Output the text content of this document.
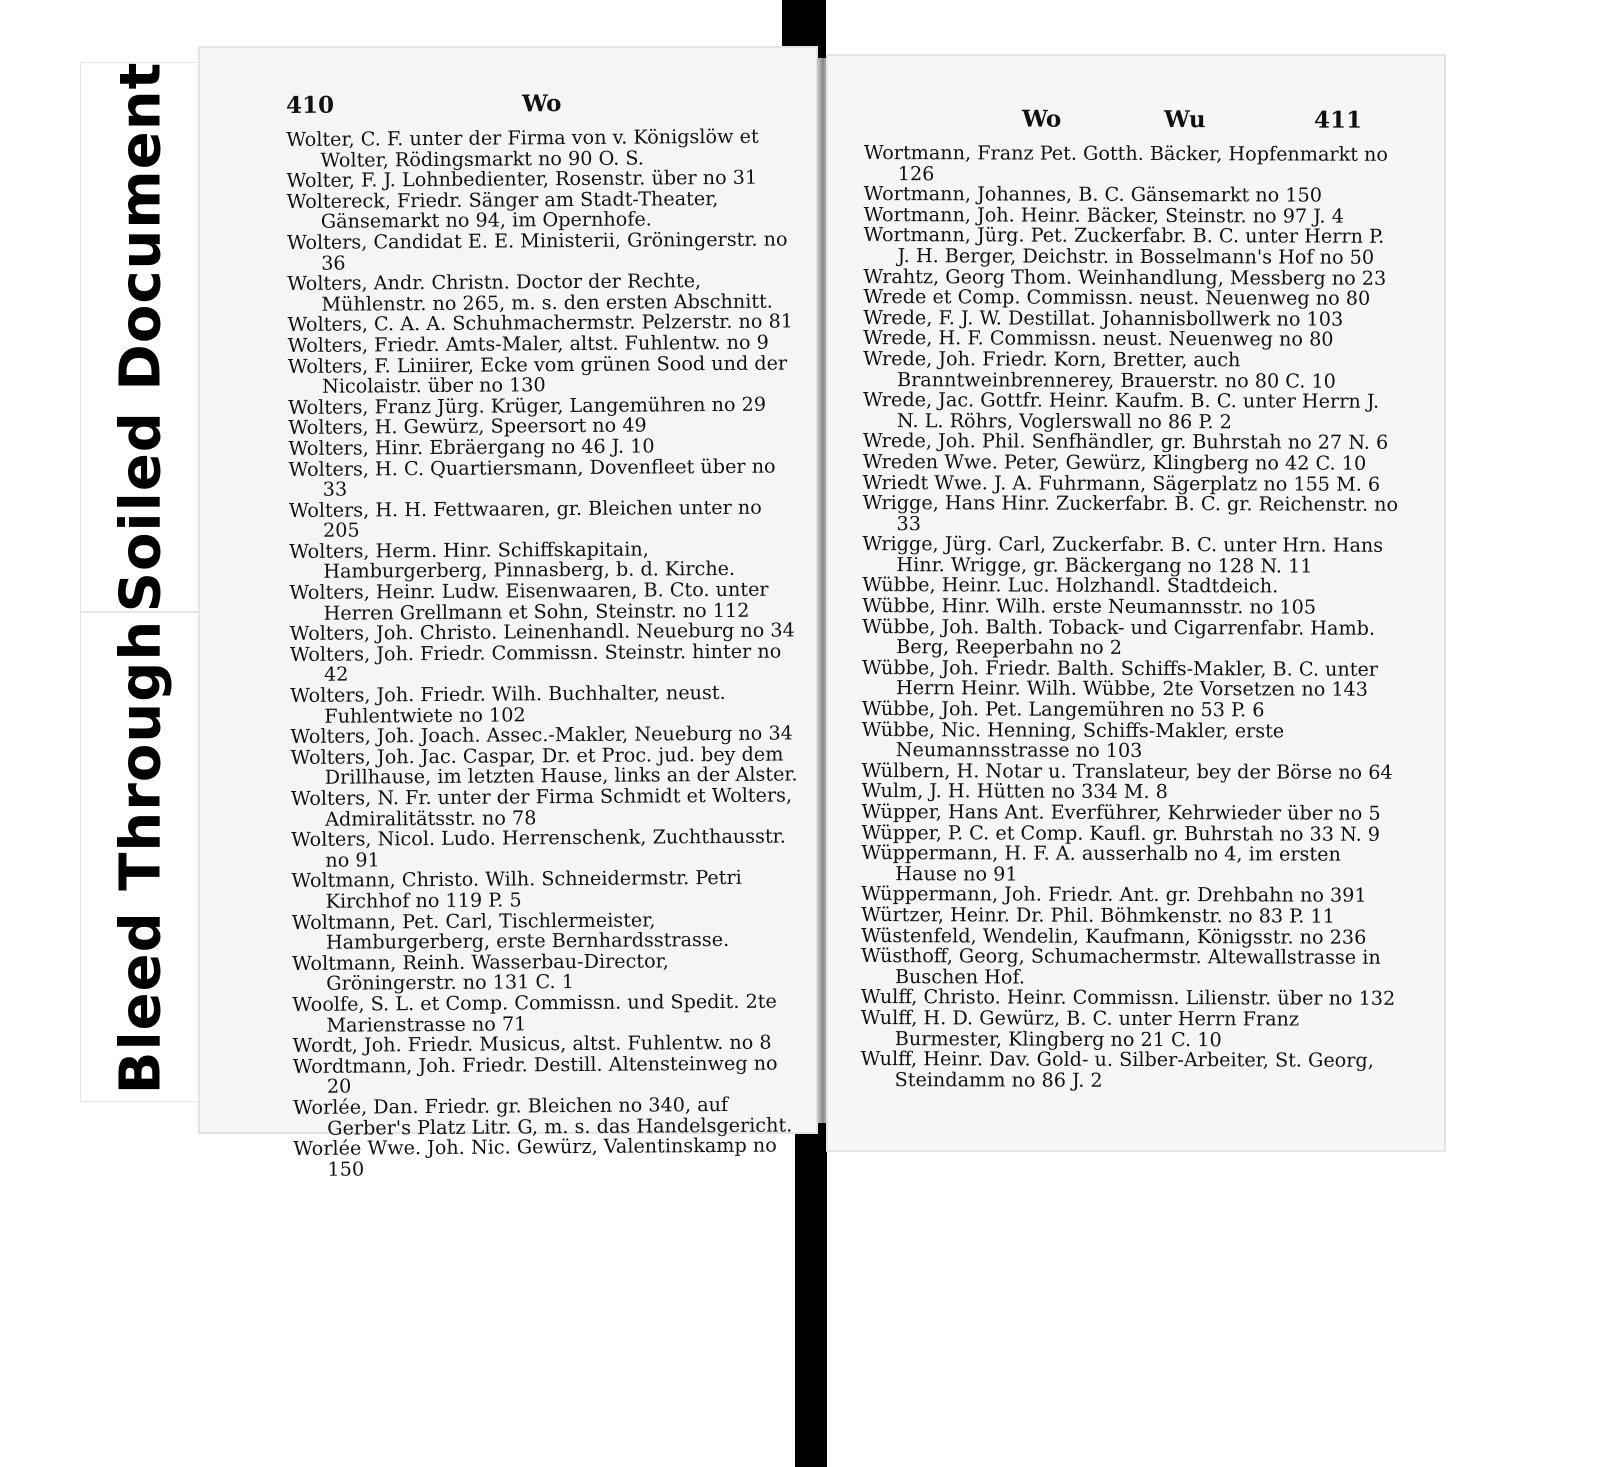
Soiled Document
Bleed Through
410	Wo

Wolter, C. F. unter der Firma von v. Königslöw et Wolter, Rödingsmarkt no 90 O. S.

Wolter, F. J. Lohnbedienter, Rosenstr. über no 31

Woltereck, Friedr. Sänger am Stadt-Theater, Gänsemarkt no 94, im Opernhofe.

Wolters, Candidat E. E. Ministerii, Gröningerstr. no 36

Wolters, Andr. Christn. Doctor der Rechte, Mühlenstr. no 265, m. s. den ersten Abschnitt.

Wolters, C. A. A. Schuhmachermstr. Pelzerstr. no 81

Wolters, Friedr. Amts-Maler, altst. Fuhlentw. no 9

Wolters, F. Liniirer, Ecke vom grünen Sood und der Nicolaistr. über no 130

Wolters, Franz Jürg. Krüger, Langemühren no 29

Wolters, H. Gewürz, Speersort no 49

Wolters, Hinr. Ebräergang no 46 J. 10

Wolters, H. C. Quartiersmann, Dovenfleet über no 33

Wolters, H. H. Fettwaaren, gr. Bleichen unter no 205

Wolters, Herm. Hinr. Schiffskapitain, Hamburgerberg, Pinnasberg, b. d. Kirche.

Wolters, Heinr. Ludw. Eisenwaaren, B. Cto. unter Herren Grellmann et Sohn, Steinstr. no 112

Wolters, Joh. Christo. Leinenhandl. Neueburg no 34

Wolters, Joh. Friedr. Commissn. Steinstr. hinter no 42

Wolters, Joh. Friedr. Wilh. Buchhalter, neust. Fuhlentwiete no 102

Wolters, Joh. Joach. Assec.-Makler, Neueburg no 34

Wolters, Joh. Jac. Caspar, Dr. et Proc. jud. bey dem Drillhause, im letzten Hause, links an der Alster.

Wolters, N. Fr. unter der Firma Schmidt et Wolters, Admiralitätsstr. no 78

Wolters, Nicol. Ludo. Herrenschenk, Zuchthausstr. no 91

Woltmann, Christo. Wilh. Schneidermstr. Petri Kirchhof no 119 P. 5

Woltmann, Pet. Carl, Tischlermeister, Hamburgerberg, erste Bernhardsstrasse.

Woltmann, Reinh. Wasserbau-Director, Gröningerstr. no 131 C. 1

Woolfe, S. L. et Comp. Commissn. und Spedit. 2te Marienstrasse no 71

Wordt, Joh. Friedr. Musicus, altst. Fuhlentw. no 8

Wordtmann, Joh. Friedr. Destill. Altensteinweg no 20

Worlée, Dan. Friedr. gr. Bleichen no 340, auf Gerber's Platz Litr. G, m. s. das Handelsgericht.

Worlée Wwe. Joh. Nic. Gewürz, Valentinskamp no 150

Wo	Wu	411

Wortmann, Franz Pet. Gotth. Bäcker, Hopfenmarkt no 126

Wortmann, Johannes, B. C. Gänsemarkt no 150

Wortmann, Joh. Heinr. Bäcker, Steinstr. no 97 J. 4

Wortmann, Jürg. Pet. Zuckerfabr. B. C. unter Herrn P. J. H. Berger, Deichstr. in Bosselmann's Hof no 50

Wrahtz, Georg Thom. Weinhandlung, Messberg no 23

Wrede et Comp. Commissn. neust. Neuenweg no 80

Wrede, F. J. W. Destillat. Johannisbollwerk no 103

Wrede, H. F. Commissn. neust. Neuenweg no 80

Wrede, Joh. Friedr. Korn, Bretter, auch Branntweinbrennerey, Brauerstr. no 80 C. 10

Wrede, Jac. Gottfr. Heinr. Kaufm. B. C. unter Herrn J. N. L. Röhrs, Voglerswall no 86 P. 2

Wrede, Joh. Phil. Senfhändler, gr. Buhrstah no 27 N. 6

Wreden Wwe. Peter, Gewürz, Klingberg no 42 C. 10

Wriedt Wwe. J. A. Fuhrmann, Sägerplatz no 155 M. 6

Wrigge, Hans Hinr. Zuckerfabr. B. C. gr. Reichenstr. no 33

Wrigge, Jürg. Carl, Zuckerfabr. B. C. unter Hrn. Hans Hinr. Wrigge, gr. Bäckergang no 128 N. 11

Wübbe, Heinr. Luc. Holzhandl. Stadtdeich.

Wübbe, Hinr. Wilh. erste Neumannsstr. no 105

Wübbe, Joh. Balth. Toback- und Cigarrenfabr. Hamb. Berg, Reeperbahn no 2

Wübbe, Joh. Friedr. Balth. Schiffs-Makler, B. C. unter Herrn Heinr. Wilh. Wübbe, 2te Vorsetzen no 143

Wübbe, Joh. Pet. Langemühren no 53 P. 6

Wübbe, Nic. Henning, Schiffs-Makler, erste Neumannsstrasse no 103

Wülbern, H. Notar u. Translateur, bey der Börse no 64

Wulm, J. H. Hütten no 334 M. 8

Wüpper, Hans Ant. Everführer, Kehrwieder über no 5

Wüpper, P. C. et Comp. Kaufl. gr. Buhrstah no 33 N. 9

Wüppermann, H. F. A. ausserhalb no 4, im ersten Hause no 91

Wüppermann, Joh. Friedr. Ant. gr. Drehbahn no 391

Würtzer, Heinr. Dr. Phil. Böhmkenstr. no 83 P. 11

Wüstenfeld, Wendelin, Kaufmann, Königsstr. no 236

Wüsthoff, Georg, Schumachermstr. Altewallstrasse in Buschen Hof.

Wulff, Christo. Heinr. Commissn. Lilienstr. über no 132

Wulff, H. D. Gewürz, B. C. unter Herrn Franz Burmester, Klingberg no 21 C. 10

Wulff, Heinr. Dav. Gold- u. Silber-Arbeiter, St. Georg, Steindamm no 86 J. 2
